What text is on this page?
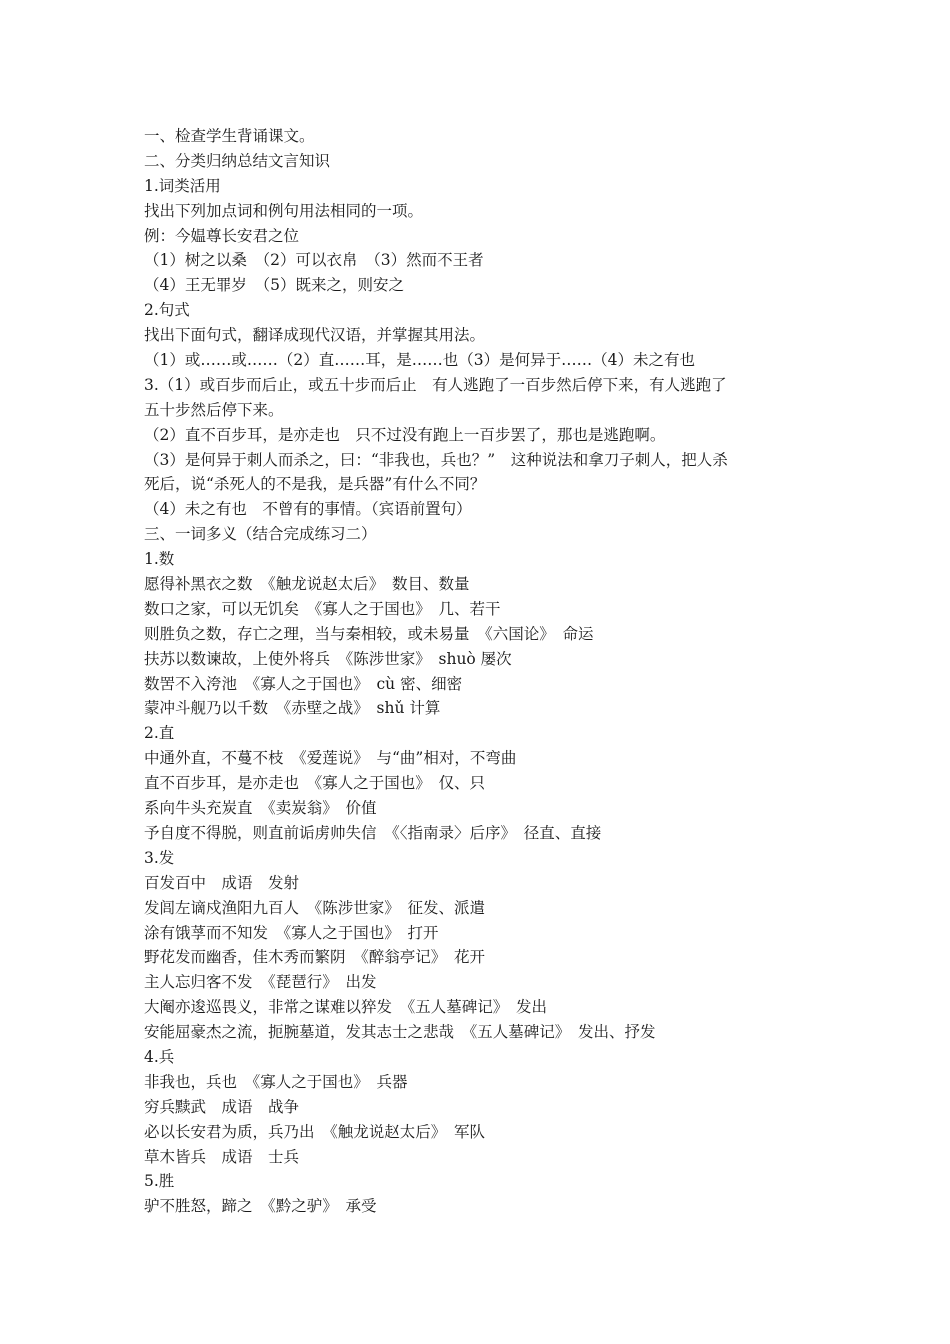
一、检查学生背诵课文。
二、分类归纳总结文言知识
1.词类活用
找出下列加点词和例句用法相同的一项。
例：今媪尊长安君之位
（1）树之以桑　（2）可以衣帛　（3）然而不王者
（4）王无罪岁　（5）既来之，则安之
2.句式
找出下面句式，翻译成现代汉语，并掌握其用法。
（1）或……或……（2）直……耳，是……也（3）是何异于……（4）未之有也
3.（1）或百步而后止，或五十步而后止　有人逃跑了一百步然后停下来，有人逃跑了
五十步然后停下来。
（2）直不百步耳，是亦走也　只不过没有跑上一百步罢了，那也是逃跑啊。
（3）是何异于刺人而杀之，曰：“非我也，兵也？”　这种说法和拿刀子刺人，把人杀
死后，说“杀死人的不是我，是兵器”有什么不同？
（4）未之有也　不曾有的事情。（宾语前置句）
三、一词多义（结合完成练习二）
1.数
愿得补黑衣之数　《触龙说赵太后》　数目、数量
数口之家，可以无饥矣　《寡人之于国也》　几、若干
则胜负之数，存亡之理，当与秦相较，或未易量　《六国论》　命运
扶苏以数谏故，上使外将兵　《陈涉世家》　shuò 屡次
数罟不入洿池　《寡人之于国也》　cù 密、细密
蒙冲斗舰乃以千数　《赤壁之战》　shǔ 计算
2.直
中通外直，不蔓不枝　《爱莲说》　与“曲”相对，不弯曲
直不百步耳，是亦走也　《寡人之于国也》　仅、只
系向牛头充炭直　《卖炭翁》　价值
予自度不得脱，则直前诟虏帅失信　《〈指南录〉后序》　径直、直接
3.发
百发百中　成语　发射
发闾左谪戍渔阳九百人　《陈涉世家》　征发、派遣
涂有饿莩而不知发　《寡人之于国也》　打开
野花发而幽香，佳木秀而繁阴　《醉翁亭记》　花开
主人忘归客不发　《琵琶行》　出发
大阉亦逡巡畏义，非常之谋难以猝发　《五人墓碑记》　发出
安能屈豪杰之流，扼腕墓道，发其志士之悲哉　《五人墓碑记》　发出、抒发
4.兵
非我也，兵也　《寡人之于国也》　兵器
穷兵黩武　成语　战争
必以长安君为质，兵乃出　《触龙说赵太后》　军队
草木皆兵　成语　士兵
5.胜
驴不胜怒，蹄之　《黔之驴》　承受
